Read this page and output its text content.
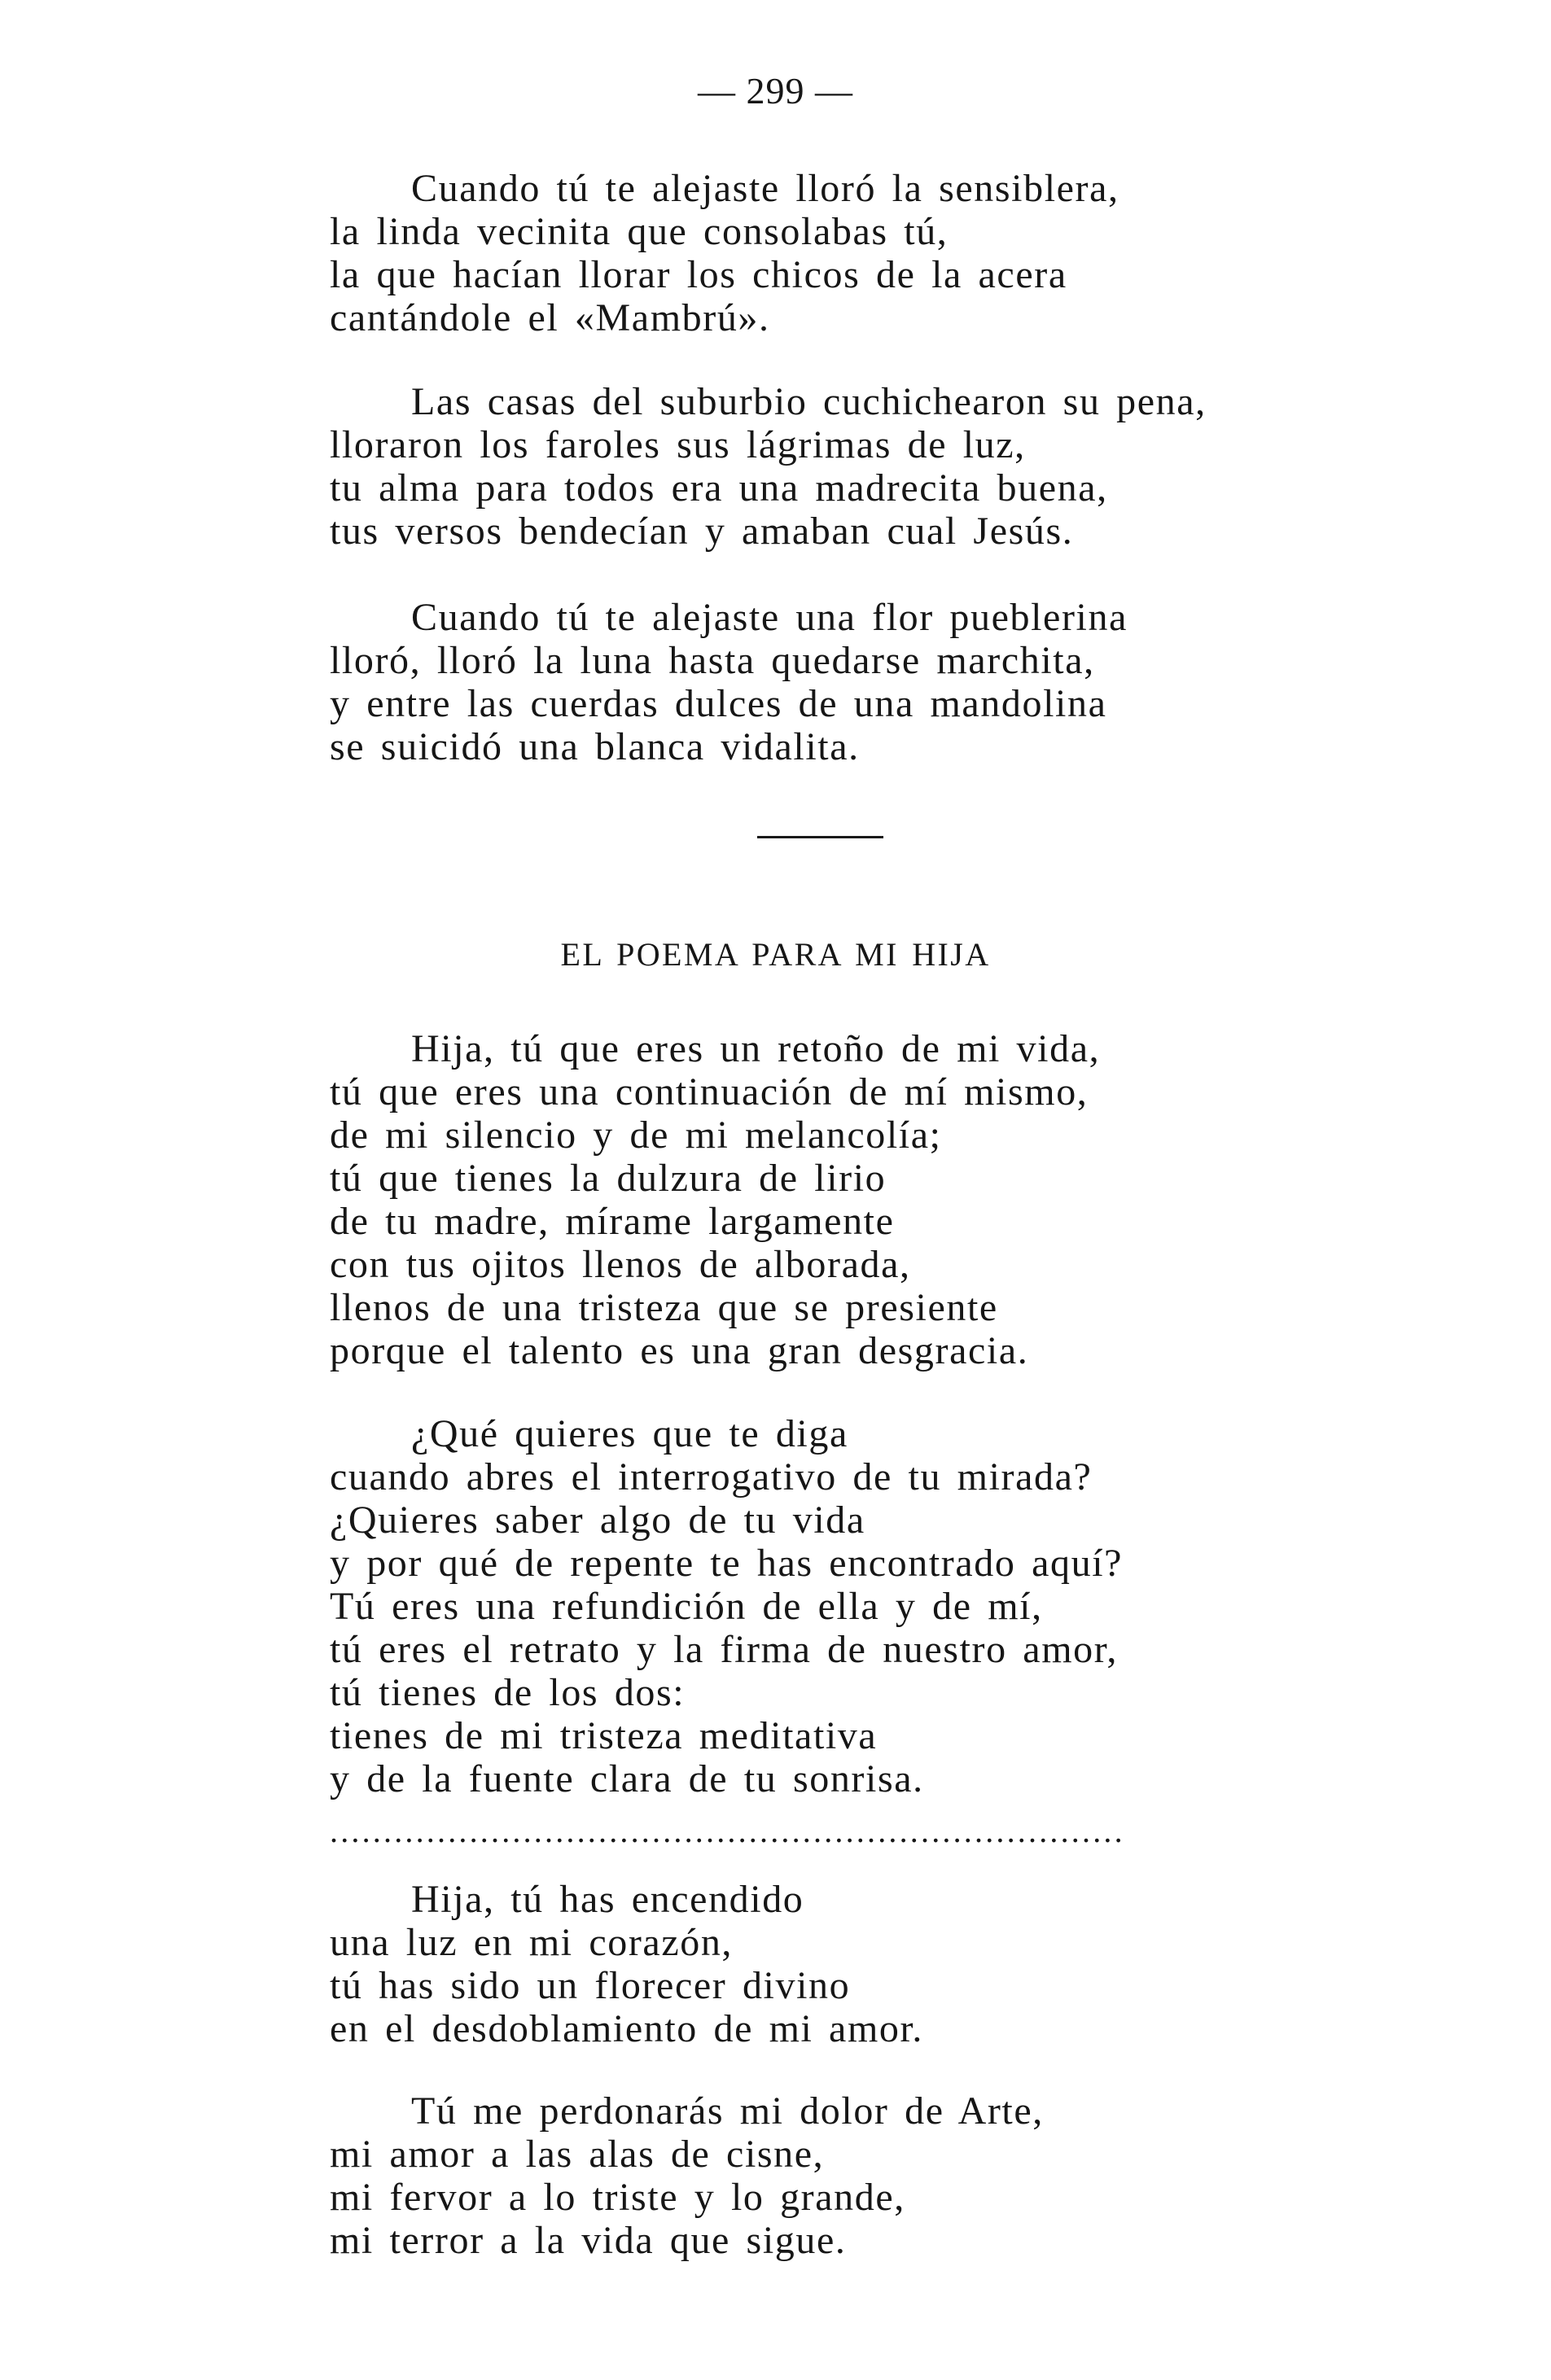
— 299 —
Cuando tú te alejaste lloró la sensiblera,
la linda vecinita que consolabas tú,
la que hacían llorar los chicos de la acera
cantándole el «Mambrú».
Las casas del suburbio cuchichearon su pena,
lloraron los faroles sus lágrimas de luz,
tu alma para todos era una madrecita buena,
tus versos bendecían y amaban cual Jesús.
Cuando tú te alejaste una flor pueblerina
lloró, lloró la luna hasta quedarse marchita,
y entre las cuerdas dulces de una mandolina
se suicidó una blanca vidalita.
EL POEMA PARA MI HIJA
Hija, tú que eres un retoño de mi vida,
tú que eres una continuación de mí mismo,
de mi silencio y de mi melancolía;
tú que tienes la dulzura de lirio
de tu madre, mírame largamente
con tus ojitos llenos de alborada,
llenos de una tristeza que se presiente
porque el talento es una gran desgracia.
¿Qué quieres que te diga
cuando abres el interrogativo de tu mirada?
¿Quieres saber algo de tu vida
y por qué de repente te has encontrado aquí?
Tú eres una refundición de ella y de mí,
tú eres el retrato y la firma de nuestro amor,
tú tienes de los dos:
tienes de mi tristeza meditativa
y de la fuente clara de tu sonrisa.
..........................................................................
Hija, tú has encendido
una luz en mi corazón,
tú has sido un florecer divino
en el desdoblamiento de mi amor.
Tú me perdonarás mi dolor de Arte,
mi amor a las alas de cisne,
mi fervor a lo triste y lo grande,
mi terror a la vida que sigue.
